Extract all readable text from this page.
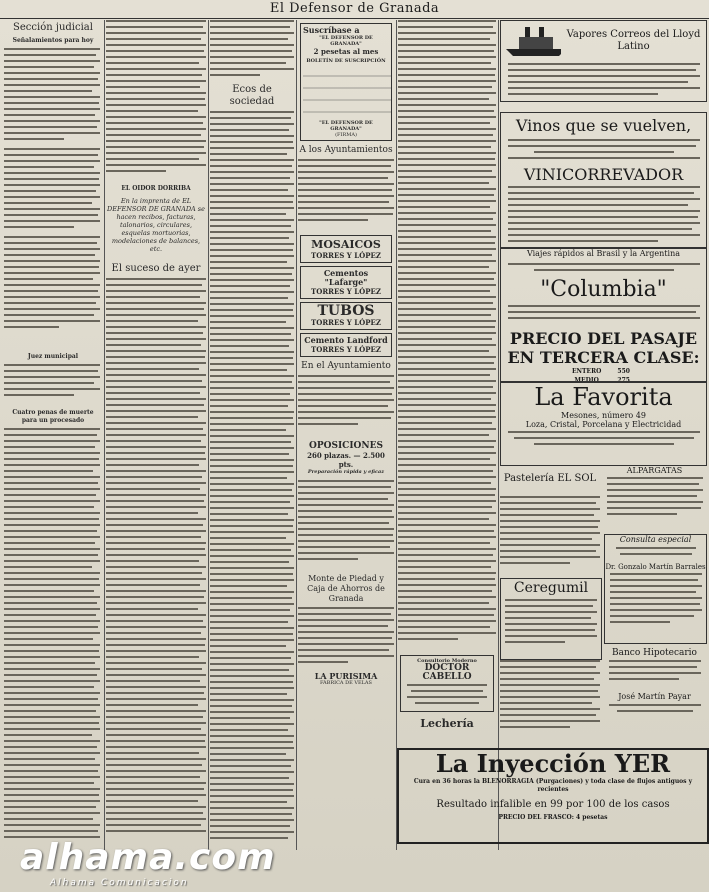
El Defensor de Granada
Sección judicial
Señalamientos para hoy
Juez municipal
Cuatro penas de muerte para un procesado
EL OIDOR DORRIBA
En la imprenta de EL DEFENSOR DE GRANADA se hacen recibos, facturas, talonarios, circulares, esquelas mortuorias, modelaciones de balances, etc.
El suceso de ayer
Ecos de sociedad
Suscríbase a
"EL DEFENSOR DE GRANADA"
2 pesetas al mes
BOLETÍN DE SUSCRIPCIÓN
"EL DEFENSOR DE GRANADA"
(FIRMA)
A los Ayuntamientos
MOSAICOS
TORRES Y LÓPEZ
Cementos "Lafarge"
TORRES Y LÓPEZ
TUBOS
TORRES Y LÓPEZ
Cemento Landford
TORRES Y LÓPEZ
En el Ayuntamiento
OPOSICIONES
260 plazas. — 2.500 pts.
Preparación rápida y eficaz
Monte de Piedad y Caja de Ahorros de Granada
LA PURISIMA
FÁBRICA DE VELAS
Consultorio Moderno
DOCTOR CABELLO
Lechería
Vapores Correos del Lloyd Latino
Vinos que se vuelven,
VINICORREVADOR
Viajes rápidos al Brasil y la Argentina
"Columbia"
PRECIO DEL PASAJE EN TERCERA CLASE:
ENTERO	550
MEDIO	275

La Favorita
Mesones, número 49
Loza, Cristal, Porcelana y Electricidad
Pastelería EL SOL
ALPARGATAS
Ceregumil
Consulta especial
Dr. Gonzalo Martín Barrales
Banco Hipotecario
José Martín Payar
La Inyección YER
Cura en 36 horas la BLENORRAGIA (Purgaciones) y toda clase de flujos antiguos y recientes
Resultado infalible en 99 por 100 de los casos
PRECIO DEL FRASCO: 4 pesetas
alhama.com
Alhama Comunicacion
